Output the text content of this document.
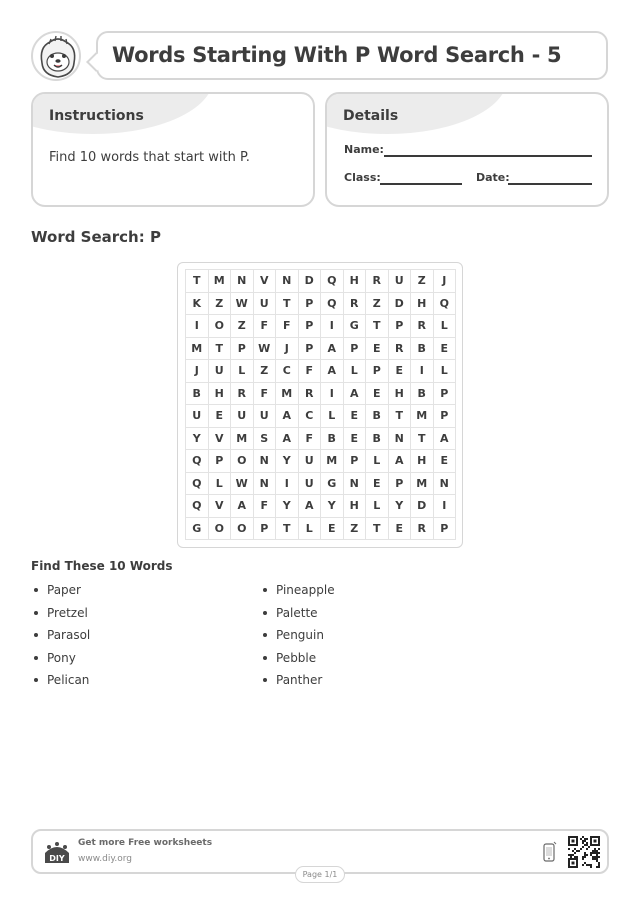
Words Starting With P Word Search - 5
Instructions
Find 10 words that start with P.
Details
Name:
Class:	Date:
Word Search: P
T	M	N	V	N	D	Q	H	R	U	Z	J
K	Z	W	U	T	P	Q	R	Z	D	H	Q
I	O	Z	F	F	P	I	G	T	P	R	L
M	T	P	W	J	P	A	P	E	R	B	E
J	U	L	Z	C	F	A	L	P	E	I	L
B	H	R	F	M	R	I	A	E	H	B	P
U	E	U	U	A	C	L	E	B	T	M	P
Y	V	M	S	A	F	B	E	B	N	T	A
Q	P	O	N	Y	U	M	P	L	A	H	E
Q	L	W	N	I	U	G	N	E	P	M	N
Q	V	A	F	Y	A	Y	H	L	Y	D	I
G	O	O	P	T	L	E	Z	T	E	R	P
Find These 10 Words
Paper
Pretzel
Parasol
Pony
Pelican
Pineapple
Palette
Penguin
Pebble
Panther
DIY
Get more Free worksheets
www.diy.org
Page 1/1
